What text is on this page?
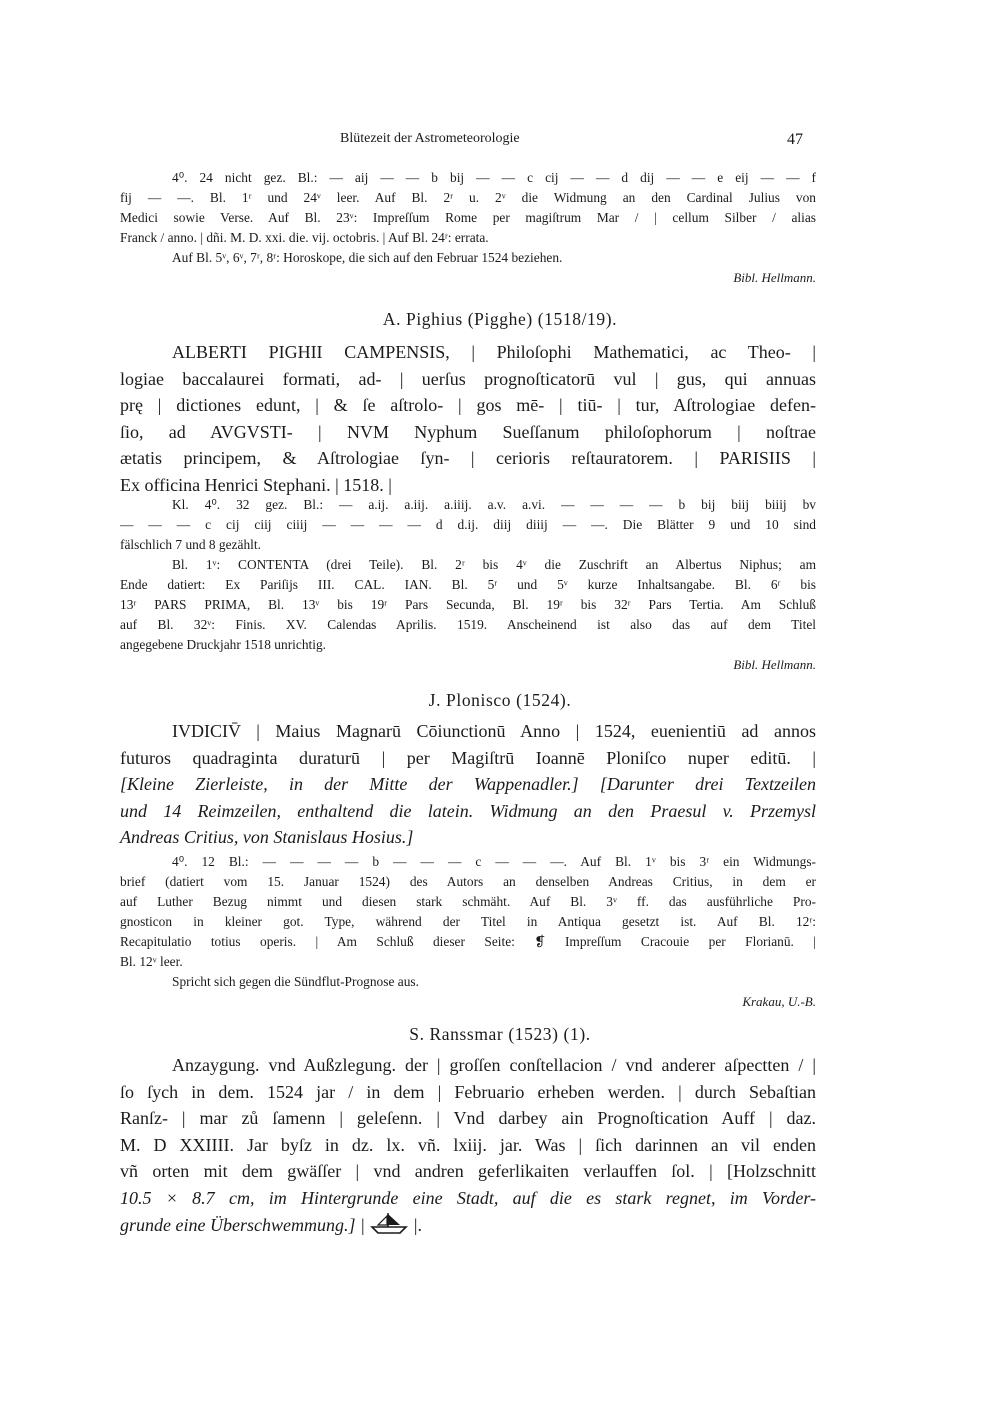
Blütezeit der Astrometeorologie	47
4⁰. 24 nicht gez. Bl.: — aij — — b bij — — c cij — — d dij — — e eij — — f
fij — —. Bl. 1ʳ und 24ᵛ leer. Auf Bl. 2ʳ u. 2ᵛ die Widmung an den Cardinal Julius von
Medici sowie Verse. Auf Bl. 23ᵛ: Impreſſum Rome per magiſtrum Mar / | cellum Silber / alias
Franck / anno. | dñi. M. D. xxi. die. vij. octobris. | Auf Bl. 24ʳ: errata.
Auf Bl. 5ᵛ, 6ᵛ, 7ʳ, 8ʳ: Horoskope, die sich auf den Februar 1524 beziehen.
Bibl. Hellmann.
A. Pighius (Pigghe) (1518/19).
ALBERTI PIGHII CAMPENSIS, | Philoſophi Mathematici, ac Theo- |
logiae baccalaurei formati, ad- | uerſus prognoſticatorū vul | gus, qui annuas
prę | dictiones edunt, | & ſe aſtrolo- | gos mē- | tiū- | tur, Aſtrologiae defen-
ſio, ad AVGVSTI- | NVM Nyphum Sueſſanum philoſophorum | noſtrae
ætatis principem, & Aſtrologiae ſyn- | cerioris reſtauratorem. | PARISIIS |
Ex officina Henrici Stephani. | 1518. |
Kl. 4⁰. 32 gez. Bl.: — a.ij. a.iij. a.iiij. a.v. a.vi. — — — — b bij biij biiij bv
— — — c cij ciij ciiij — — — — d d.ij. diij diiij — —. Die Blätter 9 und 10 sind
fälschlich 7 und 8 gezählt.
Bl. 1ᵛ: CONTENTA (drei Teile). Bl. 2ʳ bis 4ᵛ die Zuschrift an Albertus Niphus; am
Ende datiert: Ex Pariſijs III. CAL. IAN. Bl. 5ʳ und 5ᵛ kurze Inhaltsangabe. Bl. 6ʳ bis
13ʳ PARS PRIMA, Bl. 13ᵛ bis 19ʳ Pars Secunda, Bl. 19ʳ bis 32ʳ Pars Tertia. Am Schluß
auf Bl. 32ᵛ: Finis. XV. Calendas Aprilis. 1519. Anscheinend ist also das auf dem Titel
angegebene Druckjahr 1518 unrichtig.
Bibl. Hellmann.
J. Plonisco (1524).
IVDICIV̄ | Maius Magnarū Cōiunctionū Anno | 1524, euenientiū ad annos
futuros quadraginta duraturū | per Magiſtrū Ioannē Ploniſco nuper editū. |
[Kleine Zierleiste, in der Mitte der Wappenadler.] [Darunter drei Textzeilen
und 14 Reimzeilen, enthaltend die latein. Widmung an den Praesul v. Przemysl
Andreas Critius, von Stanislaus Hosius.]
4⁰. 12 Bl.: — — — — b — — — c — — —. Auf Bl. 1ᵛ bis 3ʳ ein Widmungs-
brief (datiert vom 15. Januar 1524) des Autors an denselben Andreas Critius, in dem er
auf Luther Bezug nimmt und diesen stark schmäht. Auf Bl. 3ᵛ ff. das ausführliche Pro-
gnosticon in kleiner got. Type, während der Titel in Antiqua gesetzt ist. Auf Bl. 12ʳ:
Recapitulatio totius operis. | Am Schluß dieser Seite: ❡ Impreſſum Cracouie per Florianū. |
Bl. 12ᵛ leer.
Spricht sich gegen die Sündflut-Prognose aus.
Krakau, U.-B.
S. Ranssmar (1523) (1).
Anzaygung. vnd Außzlegung. der | groſſen conſtellacion / vnd anderer aſpectten / |
ſo ſych in dem. 1524 jar / in dem | Februario erheben werden. | durch Sebaſtian
Ranſz- | mar zů ſamenn | geleſenn. | Vnd darbey ain Prognoſtication Auff | daz.
M. D XXIIII. Jar byſz in dz. lx. vñ. lxiij. jar. Was | ſich darinnen an vil enden
vñ orten mit dem gwäſſer | vnd andren geferlikaiten verlauffen ſol. | [Holzschnitt
10.5 × 8.7 cm, im Hintergrunde eine Stadt, auf die es stark regnet, im Vorder-
grunde eine Überschwemmung.] |  |.
